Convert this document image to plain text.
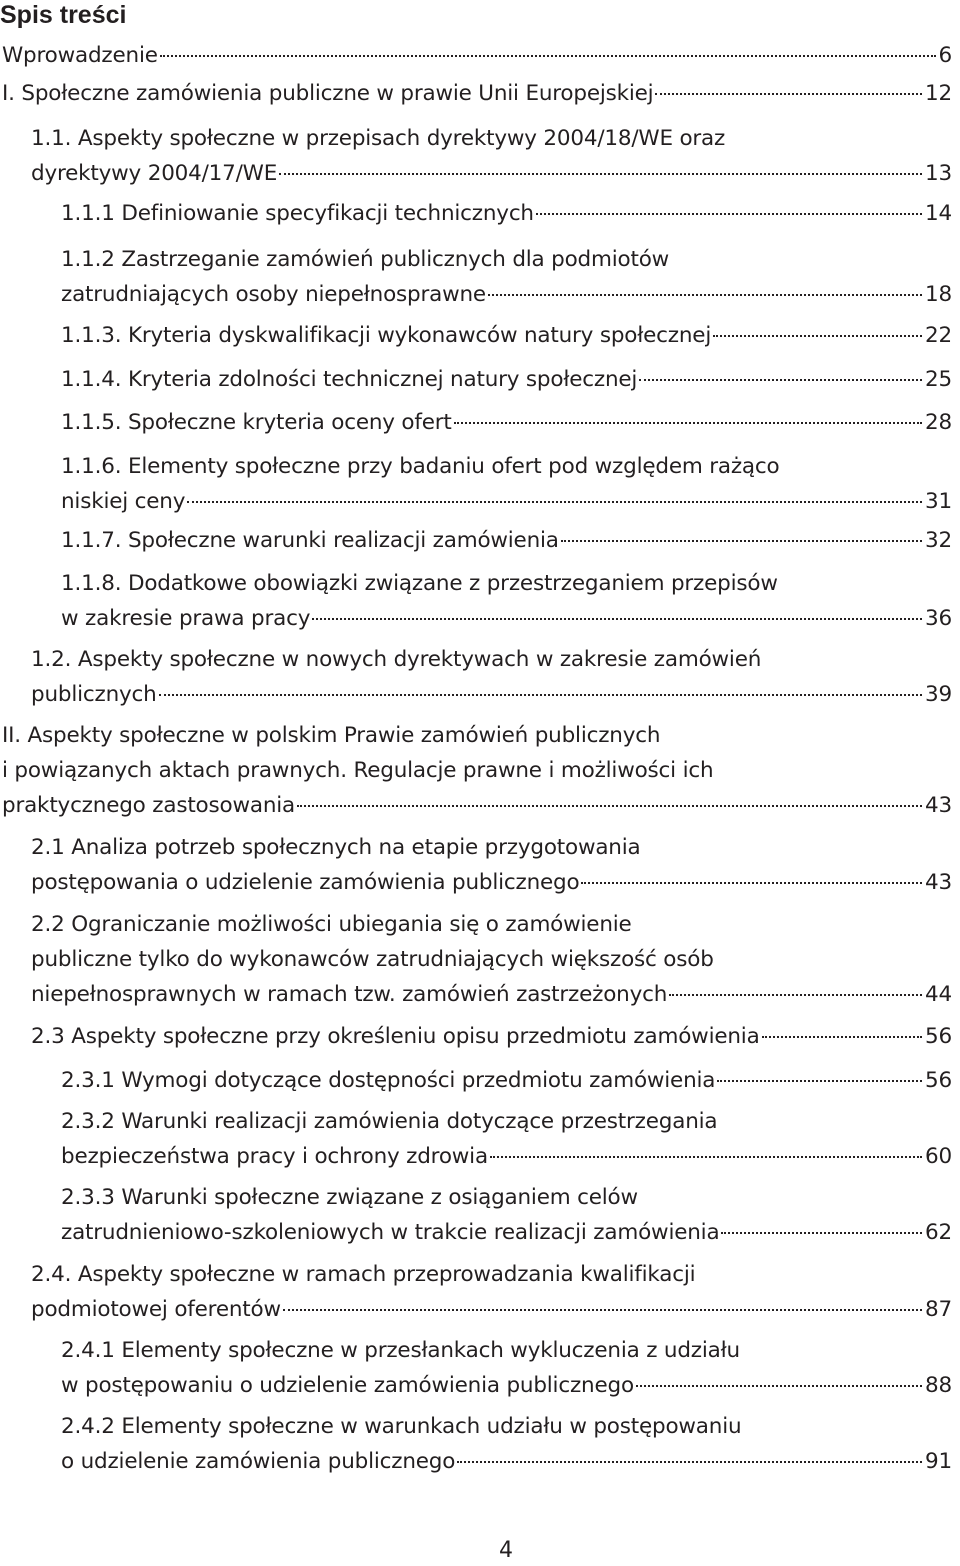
Spis treści
Wprowadzenie	6
I. Społeczne zamówienia publiczne w prawie Unii Europejskiej	12
1.1. Aspekty społeczne w przepisach dyrektywy 2004/18/WE oraz
dyrektywy 2004/17/WE	13
1.1.1 Definiowanie specyfikacji technicznych	14
1.1.2 Zastrzeganie zamówień publicznych dla podmiotów
zatrudniających osoby niepełnosprawne	18
1.1.3. Kryteria dyskwalifikacji wykonawców natury społecznej	22
1.1.4. Kryteria zdolności technicznej natury społecznej	25
1.1.5. Społeczne kryteria oceny ofert	28
1.1.6. Elementy społeczne przy badaniu ofert pod względem rażąco
niskiej ceny	31
1.1.7. Społeczne warunki realizacji zamówienia	32
1.1.8. Dodatkowe obowiązki związane z przestrzeganiem przepisów
w zakresie prawa pracy	36
1.2. Aspekty społeczne w nowych dyrektywach w zakresie zamówień
publicznych	39
II. Aspekty społeczne w polskim Prawie zamówień publicznych
i powiązanych aktach prawnych. Regulacje prawne i możliwości ich
praktycznego zastosowania	43
2.1 Analiza potrzeb społecznych na etapie przygotowania
postępowania o udzielenie zamówienia publicznego	43
2.2 Ograniczanie możliwości ubiegania się o zamówienie
publiczne tylko do wykonawców zatrudniających większość osób
niepełnosprawnych w ramach tzw. zamówień zastrzeżonych	44
2.3 Aspekty społeczne przy określeniu opisu przedmiotu zamówienia	56
2.3.1 Wymogi dotyczące dostępności przedmiotu zamówienia	56
2.3.2 Warunki realizacji zamówienia dotyczące przestrzegania
bezpieczeństwa pracy i ochrony zdrowia	60
2.3.3 Warunki społeczne związane z osiąganiem celów
zatrudnieniowo-szkoleniowych w trakcie realizacji zamówienia	62
2.4. Aspekty społeczne w ramach przeprowadzania kwalifikacji
podmiotowej oferentów	87
2.4.1 Elementy społeczne w przesłankach wykluczenia z udziału
w postępowaniu o udzielenie zamówienia publicznego	88
2.4.2 Elementy społeczne w warunkach udziału w postępowaniu
o udzielenie zamówienia publicznego	91
4
